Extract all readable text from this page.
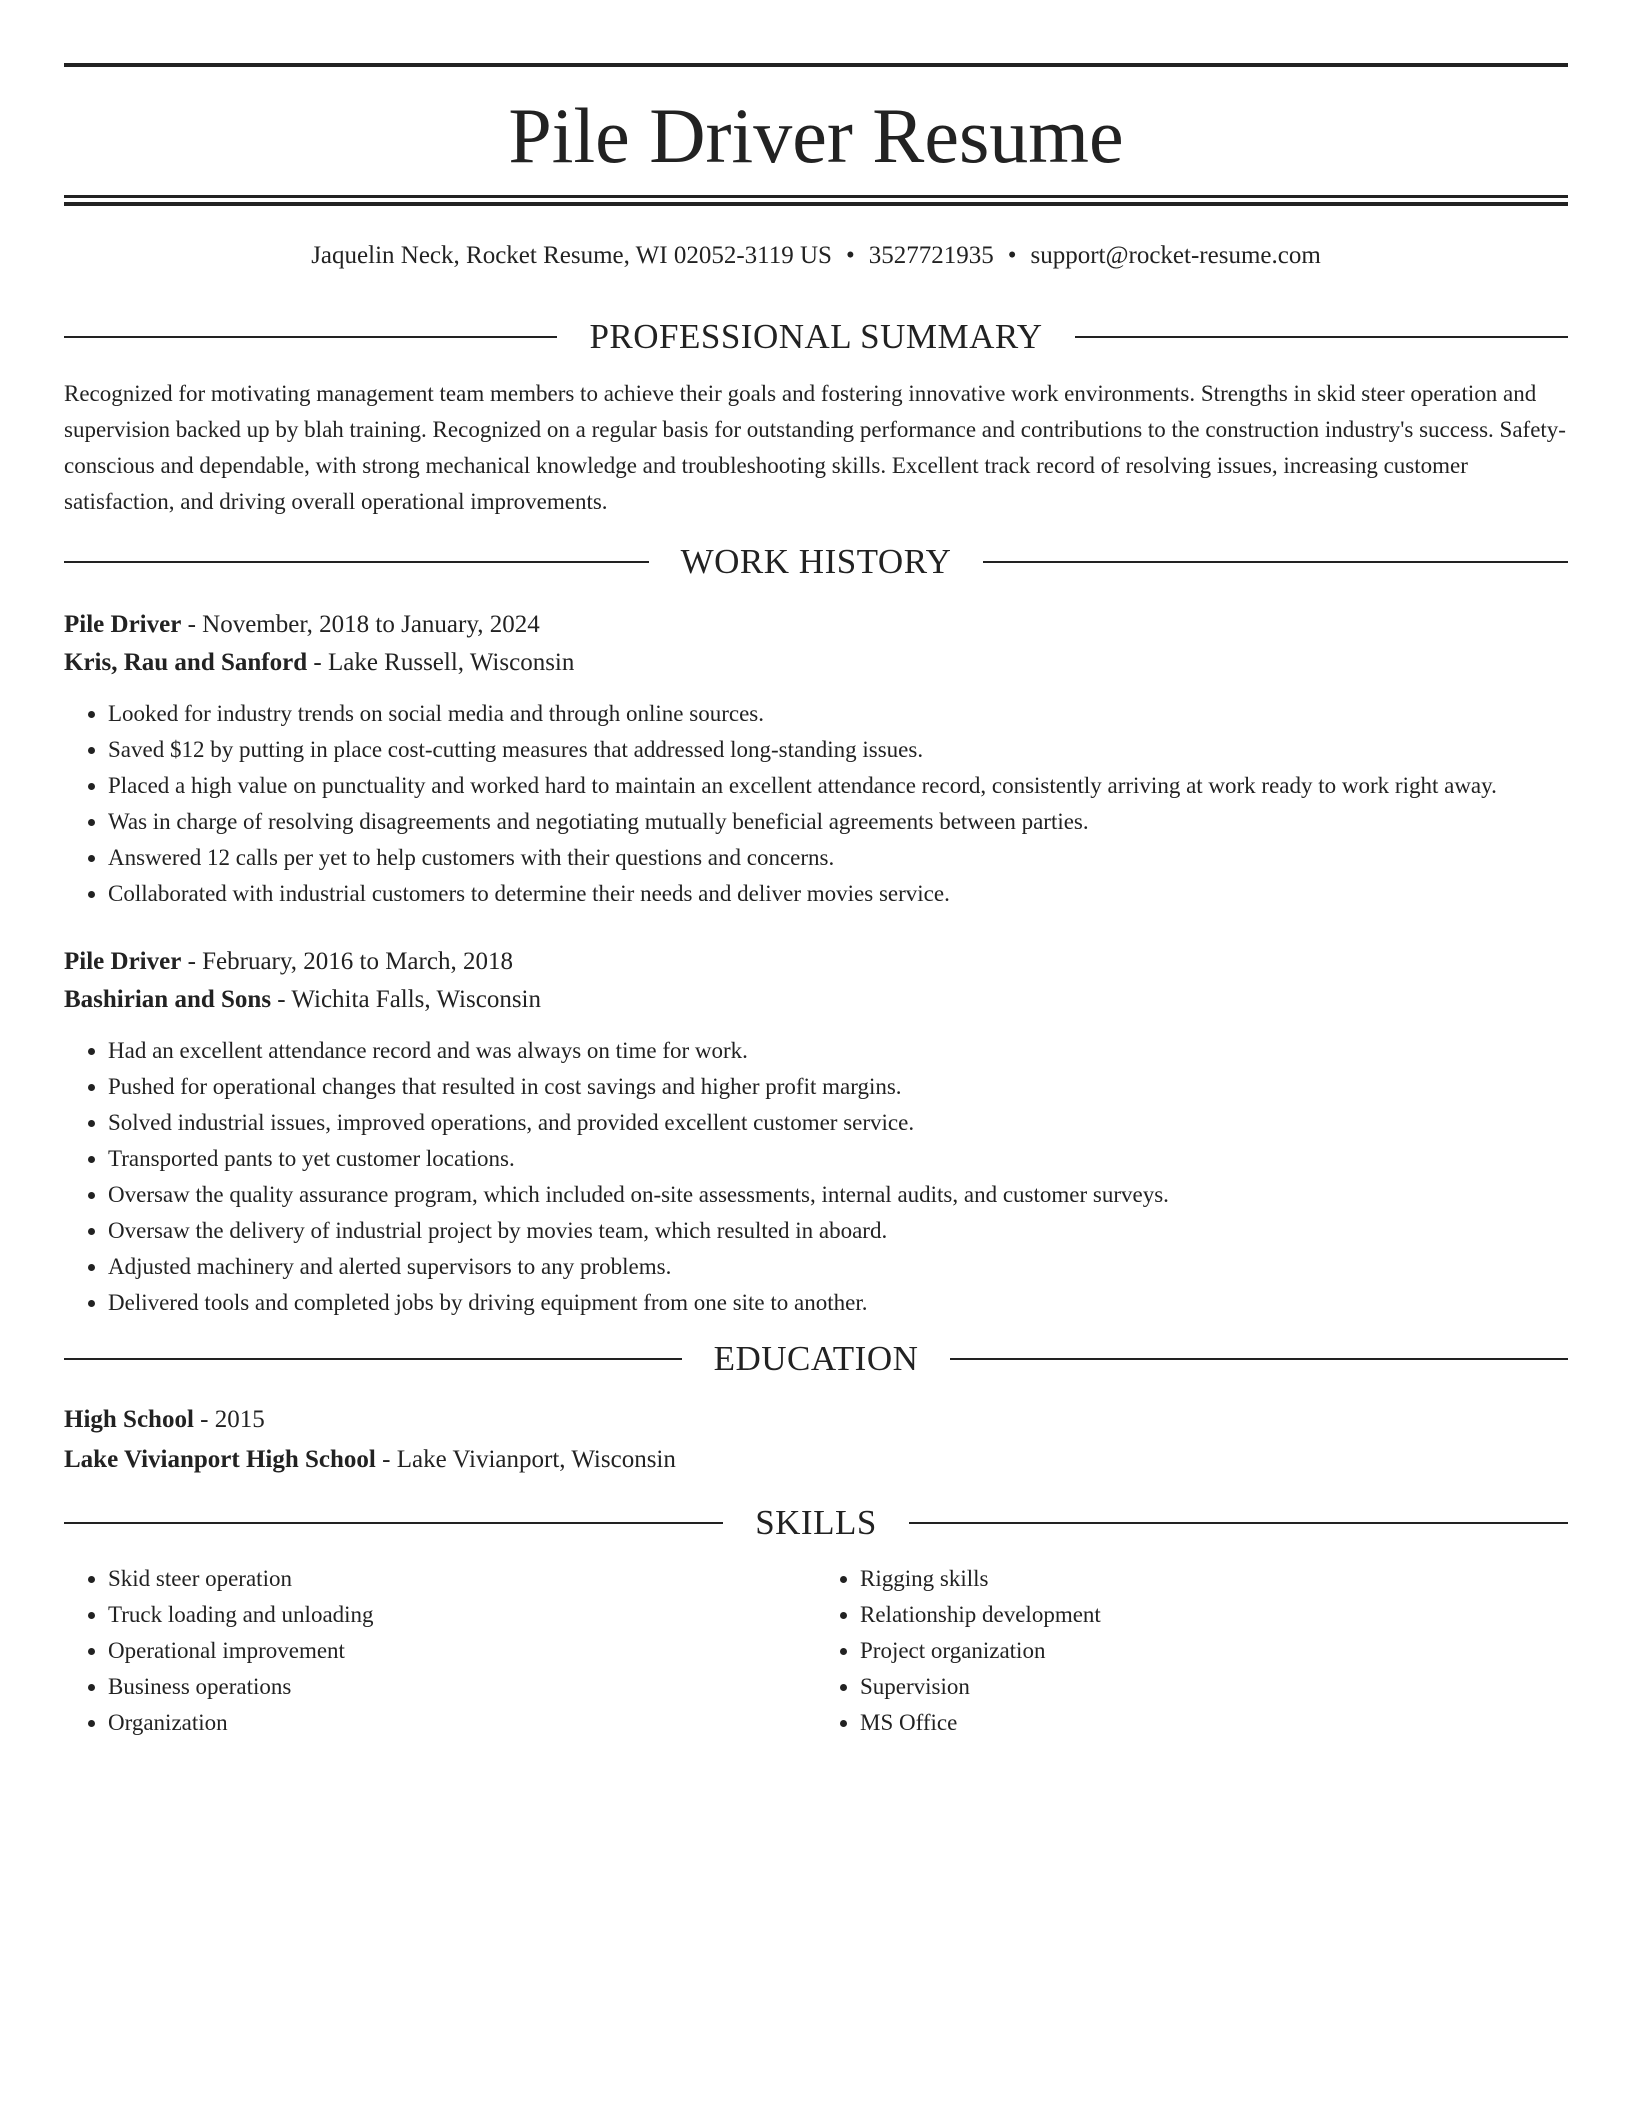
Pile Driver Resume
Jaquelin Neck, Rocket Resume, WI 02052-3119 US • 3527721935 • support@rocket-resume.com
PROFESSIONAL SUMMARY

Recognized for motivating management team members to achieve their goals and fostering innovative work environments. Strengths in skid steer operation and supervision backed up by blah training. Recognized on a regular basis for outstanding performance and contributions to the construction industry's success. Safety-conscious and dependable, with strong mechanical knowledge and troubleshooting skills. Excellent track record of resolving issues, increasing customer satisfaction, and driving overall operational improvements.

WORK HISTORY
Pile Driver - November, 2018 to January, 2024
Kris, Rau and Sanford - Lake Russell, Wisconsin
• Looked for industry trends on social media and through online sources.
• Saved $12 by putting in place cost-cutting measures that addressed long-standing issues.
• Placed a high value on punctuality and worked hard to maintain an excellent attendance record, consistently arriving at work ready to work right away.
• Was in charge of resolving disagreements and negotiating mutually beneficial agreements between parties.
• Answered 12 calls per yet to help customers with their questions and concerns.
• Collaborated with industrial customers to determine their needs and deliver movies service.
Pile Driver - February, 2016 to March, 2018
Bashirian and Sons - Wichita Falls, Wisconsin
• Had an excellent attendance record and was always on time for work.
• Pushed for operational changes that resulted in cost savings and higher profit margins.
• Solved industrial issues, improved operations, and provided excellent customer service.
• Transported pants to yet customer locations.
• Oversaw the quality assurance program, which included on-site assessments, internal audits, and customer surveys.
• Oversaw the delivery of industrial project by movies team, which resulted in aboard.
• Adjusted machinery and alerted supervisors to any problems.
• Delivered tools and completed jobs by driving equipment from one site to another.
EDUCATION
High School - 2015
Lake Vivianport High School - Lake Vivianport, Wisconsin
SKILLS
• Skid steer operation
• Truck loading and unloading
• Operational improvement
• Business operations
• Organization
• Rigging skills
• Relationship development
• Project organization
• Supervision
• MS Office
